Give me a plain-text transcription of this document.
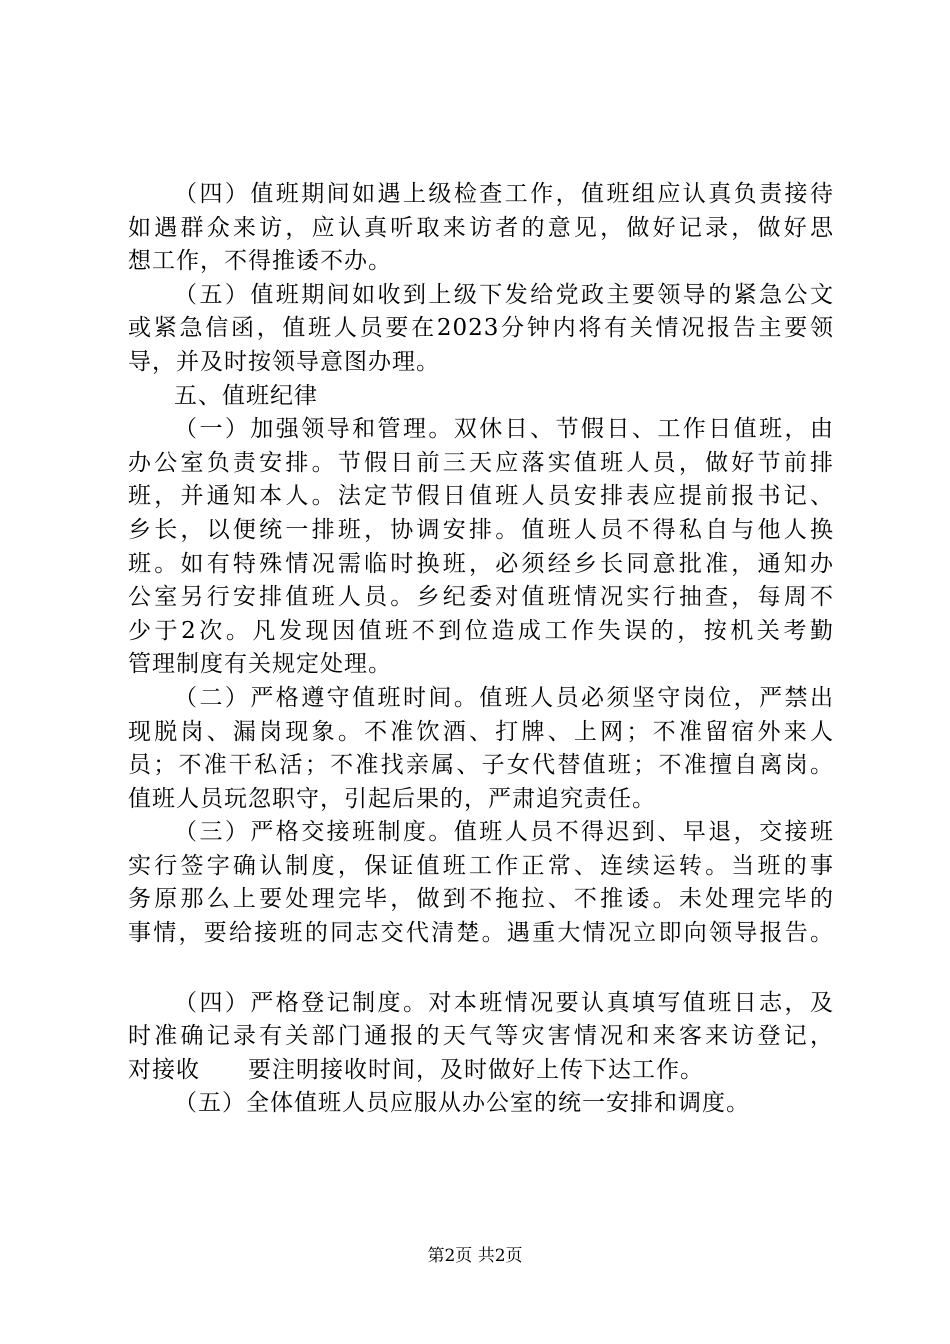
（四）值班期间如遇上级检查工作，值班组应认真负责接待
如遇群众来访，应认真听取来访者的意见，做好记录，做好思
想工作，不得推诿不办。
（五）值班期间如收到上级下发给党政主要领导的紧急公文
或紧急信函，值班人员要在2023分钟内将有关情况报告主要领
导，并及时按领导意图办理。
五、值班纪律
（一）加强领导和管理。双休日、节假日、工作日值班，由
办公室负责安排。节假日前三天应落实值班人员，做好节前排
班，并通知本人。法定节假日值班人员安排表应提前报书记、
乡长，以便统一排班，协调安排。值班人员不得私自与他人换
班。如有特殊情况需临时换班，必须经乡长同意批准，通知办
公室另行安排值班人员。乡纪委对值班情况实行抽查，每周不
少于2次。凡发现因值班不到位造成工作失误的，按机关考勤
管理制度有关规定处理。
（二）严格遵守值班时间。值班人员必须坚守岗位，严禁出
现脱岗、漏岗现象。不准饮酒、打牌、上网；不准留宿外来人
员；不准干私活；不准找亲属、子女代替值班；不准擅自离岗。
值班人员玩忽职守，引起后果的，严肃追究责任。
（三）严格交接班制度。值班人员不得迟到、早退，交接班
实行签字确认制度，保证值班工作正常、连续运转。当班的事
务原那么上要处理完毕，做到不拖拉、不推诿。未处理完毕的
事情，要给接班的同志交代清楚。遇重大情况立即向领导报告。
（四）严格登记制度。对本班情况要认真填写值班日志，及
时准确记录有关部门通报的天气等灾害情况和来客来访登记，
对接收　　要注明接收时间，及时做好上传下达工作。
（五）全体值班人员应服从办公室的统一安排和调度。
第2页 共2页
